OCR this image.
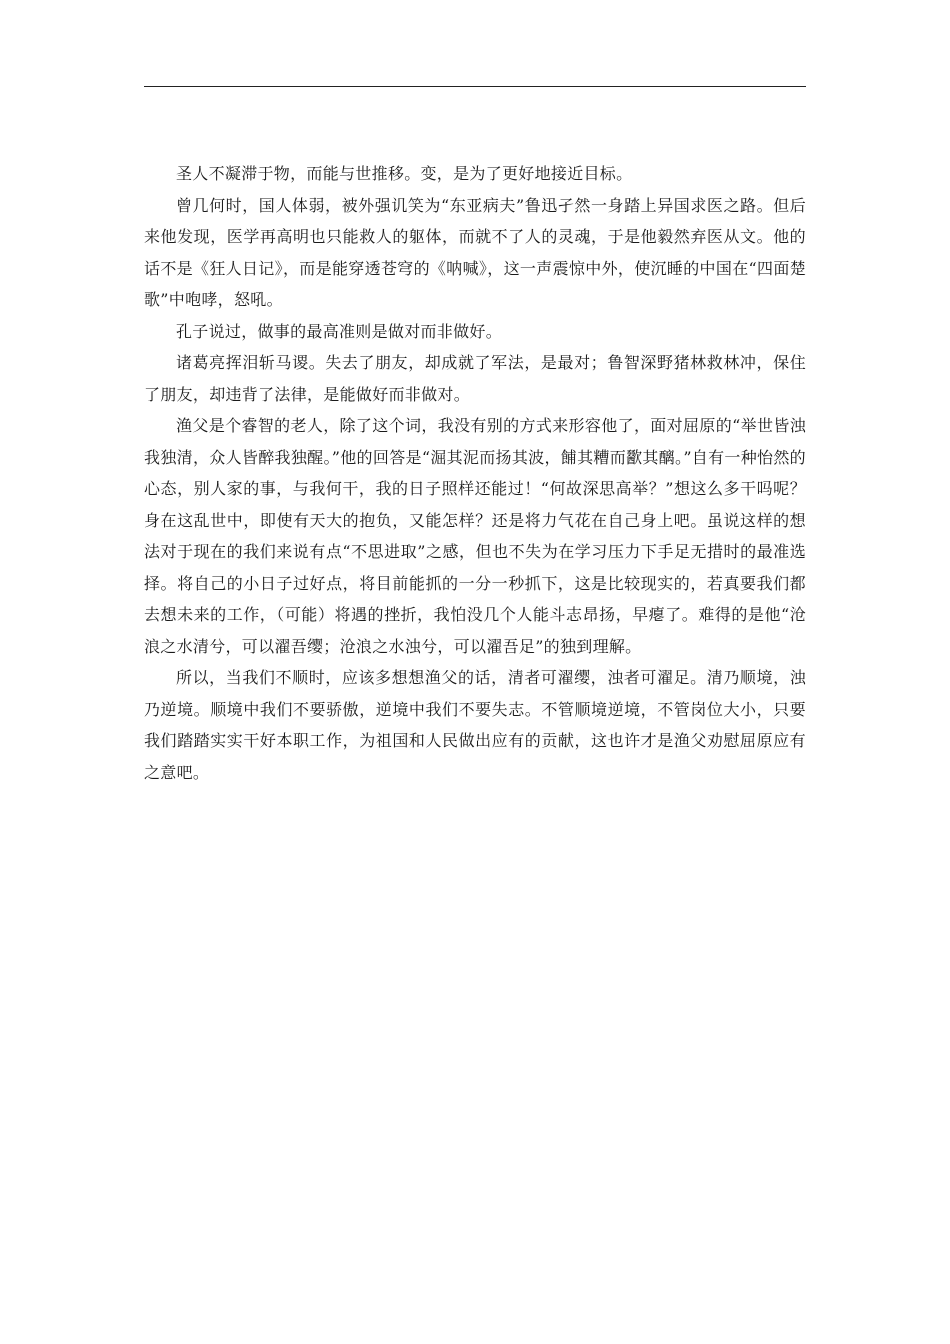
圣人不凝滞于物，而能与世推移。变，是为了更好地接近目标。

曾几何时，国人体弱，被外强讥笑为“东亚病夫”鲁迅孑然一身踏上异国求医之路。但后来他发现，医学再高明也只能救人的躯体，而就不了人的灵魂，于是他毅然弃医从文。他的话不是《狂人日记》，而是能穿透苍穹的《呐喊》，这一声震惊中外，使沉睡的中国在“四面楚歌”中咆哮，怒吼。

孔子说过，做事的最高准则是做对而非做好。

诸葛亮挥泪斩马谡。失去了朋友，却成就了军法，是最对；鲁智深野猪林救林冲，保住了朋友，却违背了法律，是能做好而非做对。

渔父是个睿智的老人，除了这个词，我没有别的方式来形容他了，面对屈原的“举世皆浊我独清，众人皆醉我独醒。”他的回答是“淈其泥而扬其波，餔其糟而歠其醨。”自有一种怡然的心态，别人家的事，与我何干，我的日子照样还能过！“何故深思高举？”想这么多干吗呢？身在这乱世中，即使有天大的抱负，又能怎样？还是将力气花在自己身上吧。虽说这样的想法对于现在的我们来说有点“不思进取”之感，但也不失为在学习压力下手足无措时的最准选择。将自己的小日子过好点，将目前能抓的一分一秒抓下，这是比较现实的，若真要我们都去想未来的工作，（可能）将遇的挫折，我怕没几个人能斗志昂扬，早瘪了。难得的是他“沧浪之水清兮，可以濯吾缨；沧浪之水浊兮，可以濯吾足”的独到理解。

所以，当我们不顺时，应该多想想渔父的话，清者可濯缨，浊者可濯足。清乃顺境，浊乃逆境。顺境中我们不要骄傲，逆境中我们不要失志。不管顺境逆境，不管岗位大小，只要我们踏踏实实干好本职工作，为祖国和人民做出应有的贡献，这也许才是渔父劝慰屈原应有之意吧。
